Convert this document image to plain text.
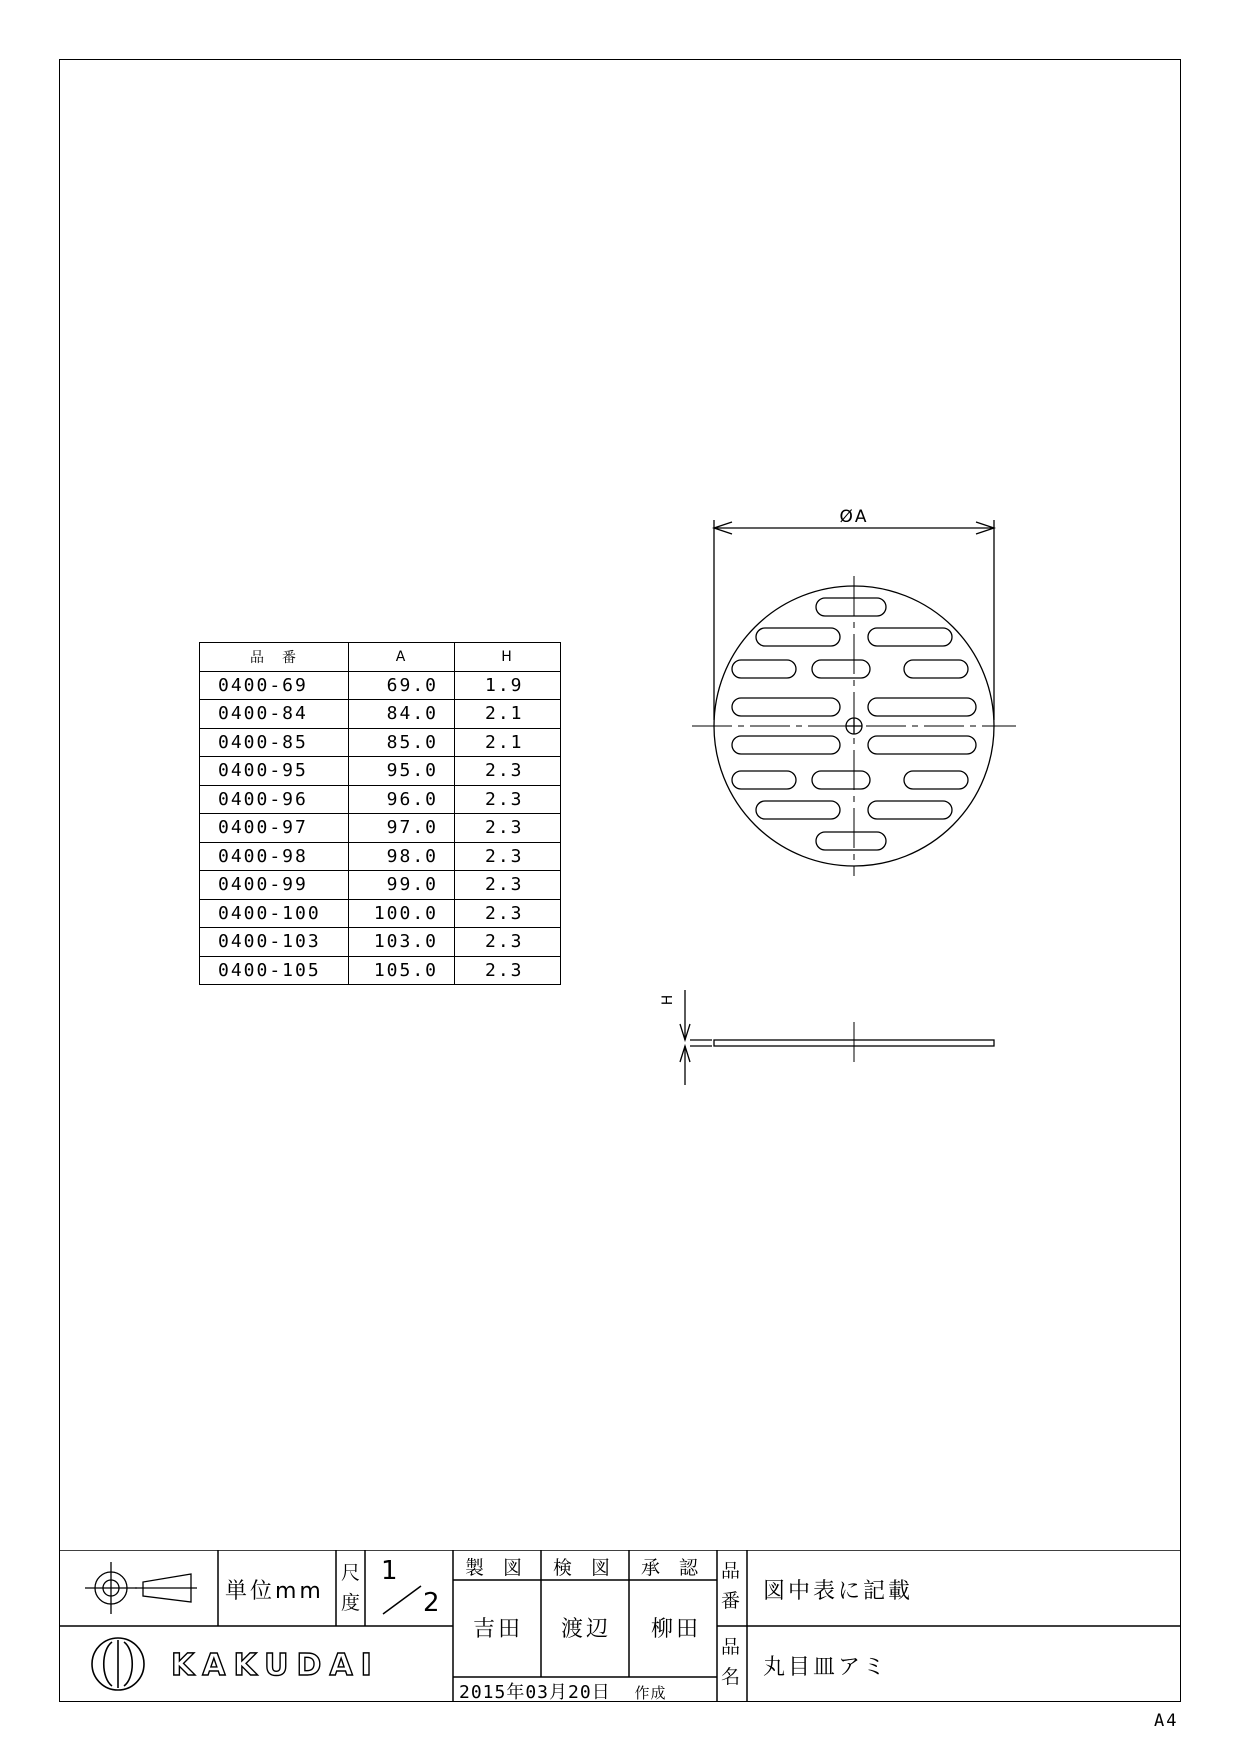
A4
品　番	A	H
0400-69	69.0	1.9
0400-84	84.0	2.1
0400-85	85.0	2.1
0400-95	95.0	2.3
0400-96	96.0	2.3
0400-97	97.0	2.3
0400-98	98.0	2.3
0400-99	99.0	2.3
0400-100	100.0	2.3
0400-103	103.0	2.3
0400-105	105.0	2.3
ØA
H
単位mm
尺
度
1
2
製　図 検　図 承　認
吉田 渡辺 柳田
品
番 図中表に記載
品
名 丸目皿アミ
KAKUDAI
2015年03月20日 作成
